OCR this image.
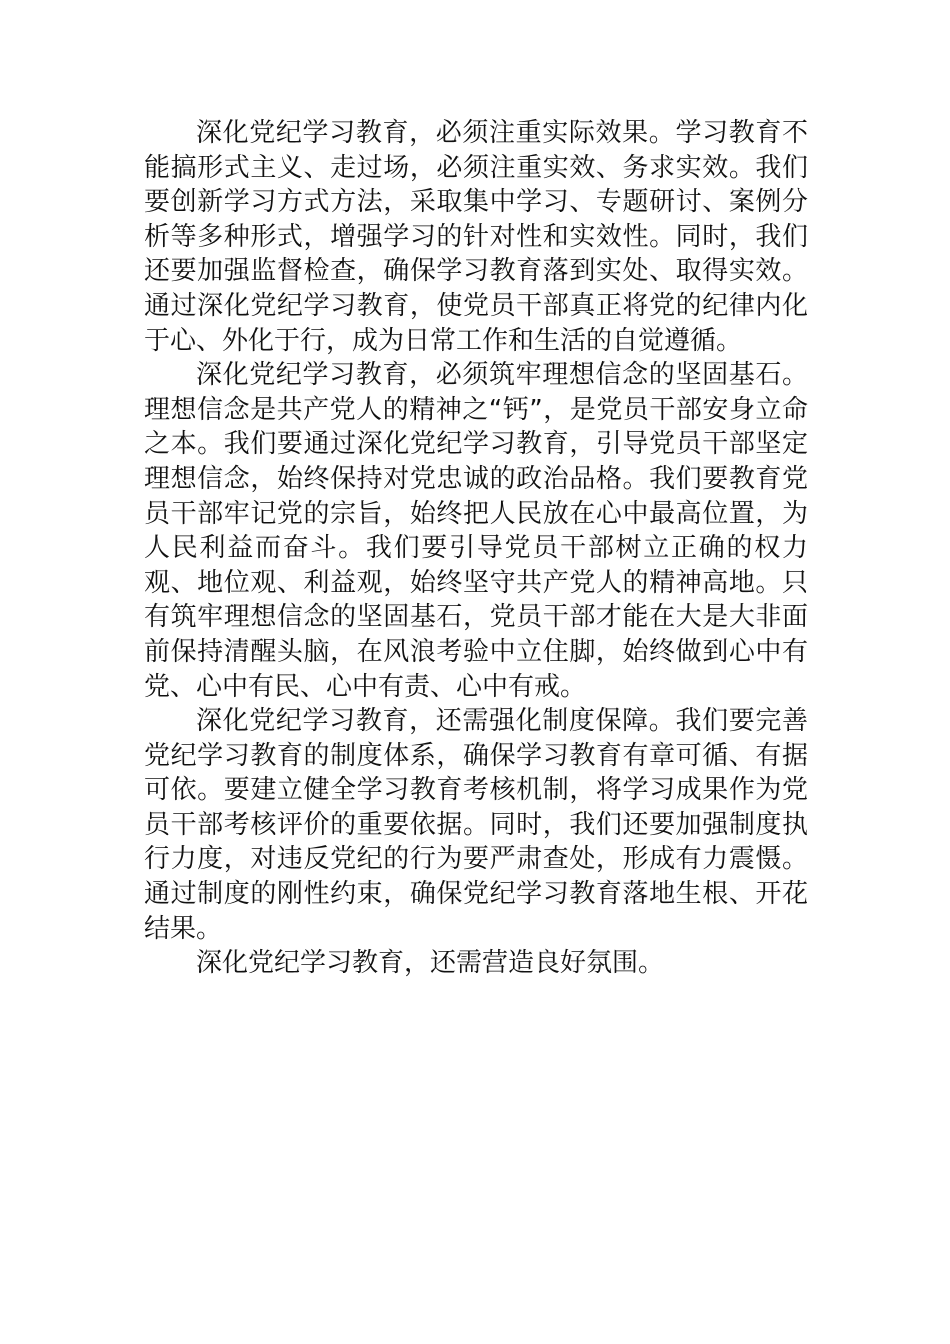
深化党纪学习教育，必须注重实际效果。学习教育不能搞形式主义、走过场，必须注重实效、务求实效。我们要创新学习方式方法，采取集中学习、专题研讨、案例分析等多种形式，增强学习的针对性和实效性。同时，我们还要加强监督检查，确保学习教育落到实处、取得实效。通过深化党纪学习教育，使党员干部真正将党的纪律内化于心、外化于行，成为日常工作和生活的自觉遵循。

深化党纪学习教育，必须筑牢理想信念的坚固基石。理想信念是共产党人的精神之“钙”，是党员干部安身立命之本。我们要通过深化党纪学习教育，引导党员干部坚定理想信念，始终保持对党忠诚的政治品格。我们要教育党员干部牢记党的宗旨，始终把人民放在心中最高位置，为人民利益而奋斗。我们要引导党员干部树立正确的权力观、地位观、利益观，始终坚守共产党人的精神高地。只有筑牢理想信念的坚固基石，党员干部才能在大是大非面前保持清醒头脑，在风浪考验中立住脚，始终做到心中有党、心中有民、心中有责、心中有戒。

深化党纪学习教育，还需强化制度保障。我们要完善党纪学习教育的制度体系，确保学习教育有章可循、有据可依。要建立健全学习教育考核机制，将学习成果作为党员干部考核评价的重要依据。同时，我们还要加强制度执行力度，对违反党纪的行为要严肃查处，形成有力震慑。通过制度的刚性约束，确保党纪学习教育落地生根、开花结果。

深化党纪学习教育，还需营造良好氛围。
